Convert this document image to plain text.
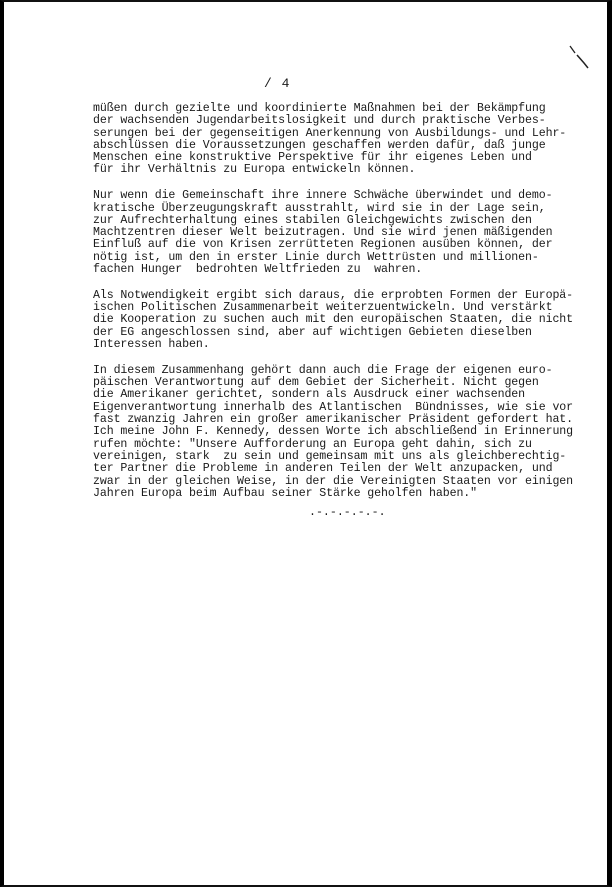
/ 4
müßen durch gezielte und koordinierte Maßnahmen bei der Bekämpfung
der wachsenden Jugendarbeitslosigkeit und durch praktische Verbes-
serungen bei der gegenseitigen Anerkennung von Ausbildungs- und Lehr-
abschlüssen die Voraussetzungen geschaffen werden dafür, daß junge
Menschen eine konstruktive Perspektive für ihr eigenes Leben und
für ihr Verhältnis zu Europa entwickeln können.
Nur wenn die Gemeinschaft ihre innere Schwäche überwindet und demo-
kratische Überzeugungskraft ausstrahlt, wird sie in der Lage sein,
zur Aufrechterhaltung eines stabilen Gleichgewichts zwischen den
Machtzentren dieser Welt beizutragen. Und sie wird jenen mäßigenden
Einfluß auf die von Krisen zerrütteten Regionen ausüben können, der
nötig ist, um den in erster Linie durch Wettrüsten und millionen-
fachen Hunger  bedrohten Weltfrieden zu  wahren.
Als Notwendigkeit ergibt sich daraus, die erprobten Formen der Europä-
ischen Politischen Zusammenarbeit weiterzuentwickeln. Und verstärkt
die Kooperation zu suchen auch mit den europäischen Staaten, die nicht
der EG angeschlossen sind, aber auf wichtigen Gebieten dieselben
Interessen haben.
In diesem Zusammenhang gehört dann auch die Frage der eigenen euro-
päischen Verantwortung auf dem Gebiet der Sicherheit. Nicht gegen
die Amerikaner gerichtet, sondern als Ausdruck einer wachsenden
Eigenverantwortung innerhalb des Atlantischen  Bündnisses, wie sie vor
fast zwanzig Jahren ein großer amerikanischer Präsident gefordert hat.
Ich meine John F. Kennedy, dessen Worte ich abschließend in Erinnerung
rufen möchte: "Unsere Aufforderung an Europa geht dahin, sich zu
vereinigen, stark  zu sein und gemeinsam mit uns als gleichberechtig-
ter Partner die Probleme in anderen Teilen der Welt anzupacken, und
zwar in der gleichen Weise, in der die Vereinigten Staaten vor einigen
Jahren Europa beim Aufbau seiner Stärke geholfen haben."
.-.-.-.-.-.
